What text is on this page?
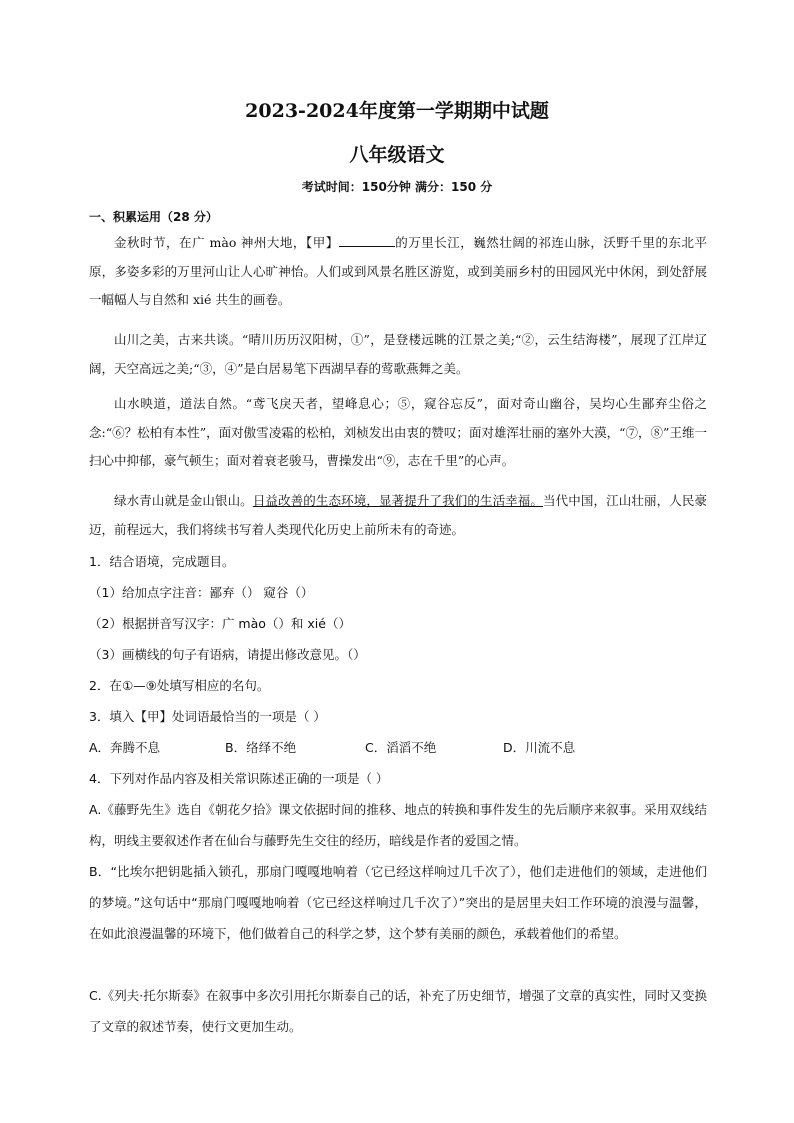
2023-2024年度第一学期期中试题
八年级语文
考试时间：150分钟 满分：150 分
一、积累运用（28 分）
金秋时节，在广 mào 神州大地，【甲】	的万里长江，巍然壮阔的祁连山脉，沃野千里的东北平原，多姿多彩的万里河山让人心旷神怡。人们或到风景名胜区游览，或到美丽乡村的田园风光中休闲，到处舒展一幅幅人与自然和 xié 共生的画卷。
山川之美，古来共谈。“晴川历历汉阳树，①”，是登楼远眺的江景之美;“②，云生结海楼”，展现了江岸辽阔，天空高远之美;“③，④”是白居易笔下西湖早春的莺歌燕舞之美。
山水映道，道法自然。“鸢飞戾天者，望峰息心；⑤，窥谷忘反”，面对奇山幽谷，吴均心生鄙弃尘俗之念:“⑥？松柏有本性”，面对傲雪凌霜的松柏，刘桢发出由衷的赞叹；面对雄浑壮丽的塞外大漠，“⑦，⑧”王维一扫心中抑郁，豪气顿生；面对着衰老骏马，曹操发出“⑨，志在千里”的心声。
绿水青山就是金山银山。日益改善的生态环境，显著提升了我们的生活幸福。当代中国，江山壮丽，人民豪迈，前程远大，我们将续书写着人类现代化历史上前所未有的奇迹。
1．结合语境，完成题目。
（1）给加点字注音：鄙弃（） 窥谷（）
（2）根据拼音写汉字：广 mào（）和 xié（）
（3）画横线的句子有语病，请提出修改意见。（）
2．在①—⑨处填写相应的名句。
3．填入【甲】处词语最恰当的一项是（ ）
A．奔腾不息	B．络绎不绝	C．滔滔不绝	D．川流不息
4．下列对作品内容及相关常识陈述正确的一项是（ ）
A.《藤野先生》选自《朝花夕拾》课文依据时间的推移、地点的转换和事件发生的先后顺序来叙事。采用双线结构，明线主要叙述作者在仙台与藤野先生交往的经历，暗线是作者的爱国之情。
B．“比埃尔把钥匙插入锁孔，那扇门嘎嘎地响着（它已经这样响过几千次了），他们走进他们的领域，走进他们的梦境。”这句话中“那扇门嘎嘎地响着（它已经这样响过几千次了）”突出的是居里夫妇工作环境的浪漫与温馨，在如此浪漫温馨的环境下，他们做着自己的科学之梦，这个梦有美丽的颜色，承载着他们的希望。
C.《列夫·托尔斯泰》在叙事中多次引用托尔斯泰自己的话，补充了历史细节，增强了文章的真实性，同时又变换了文章的叙述节奏，使行文更加生动。
